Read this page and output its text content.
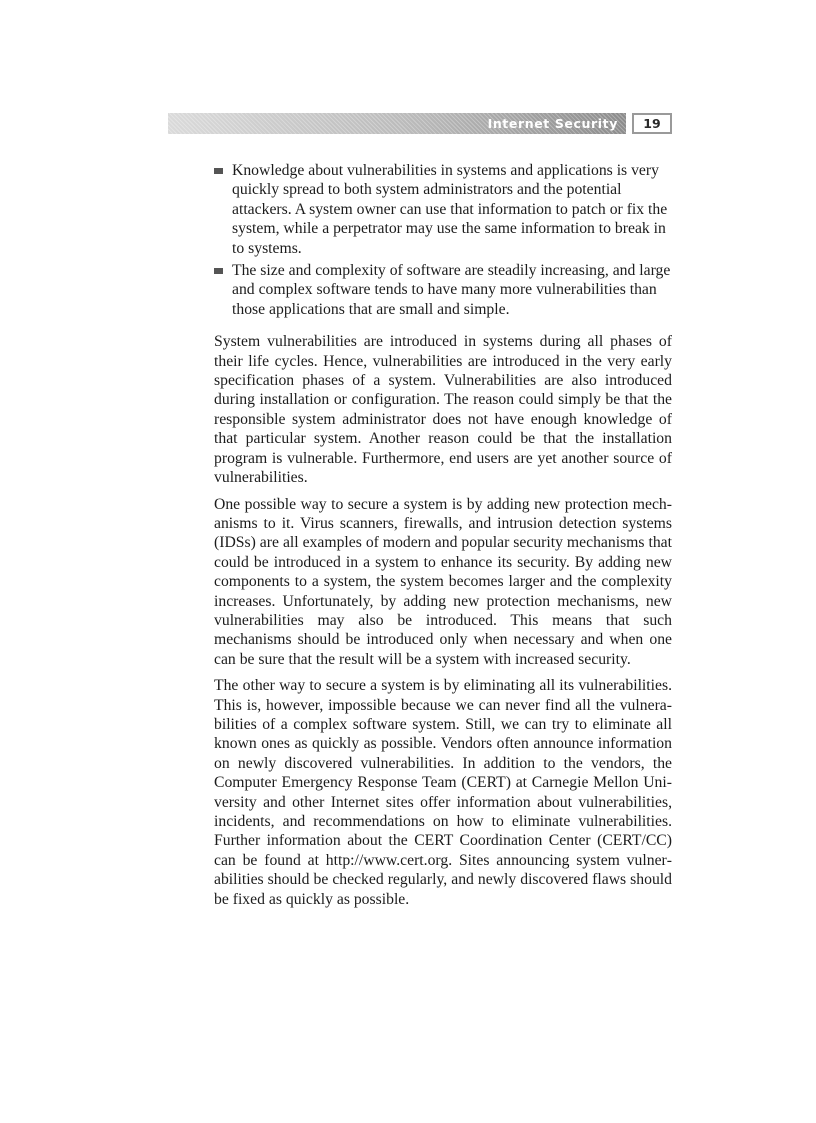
Internet Security	19
Knowledge about vulnerabilities in systems and applications is very quickly spread to both system administrators and the potential attackers. A system owner can use that information to patch or fix the system, while a perpetrator may use the same information to break in to systems.
The size and complexity of software are steadily increasing, and large and complex software tends to have many more vulnerabilities than those applications that are small and simple.

System vulnerabilities are introduced in systems during all phases of their life cycles. Hence, vulnerabilities are introduced in the very early specification phases of a system. Vulnerabilities are also introduced during installation or configuration. The reason could simply be that the responsible system administrator does not have enough knowledge of that particular system. Another reason could be that the installation program is vulnerable. Furthermore, end users are yet another source of vulnerabilities.

One possible way to secure a system is by adding new protection mechanisms to it. Virus scanners, firewalls, and intrusion detection systems (IDSs) are all examples of modern and popular security mechanisms that could be introduced in a system to enhance its security. By adding new components to a system, the system becomes larger and the complexity increases. Unfortunately, by adding new protection mechanisms, new vulnerabilities may also be introduced. This means that such mechanisms should be introduced only when necessary and when one can be sure that the result will be a system with increased security.

The other way to secure a system is by eliminating all its vulnerabilities. This is, however, impossible because we can never find all the vulnerabilities of a complex software system. Still, we can try to eliminate all known ones as quickly as possible. Vendors often announce information on newly discovered vulnerabilities. In addition to the vendors, the Computer Emergency Response Team (CERT) at Carnegie Mellon University and other Internet sites offer information about vulnerabilities, incidents, and recommendations on how to eliminate vulnerabilities. Further information about the CERT Coordination Center (CERT/CC) can be found at http://www.cert.org. Sites announcing system vulnerabilities should be checked regularly, and newly discovered flaws should be fixed as quickly as possible.
